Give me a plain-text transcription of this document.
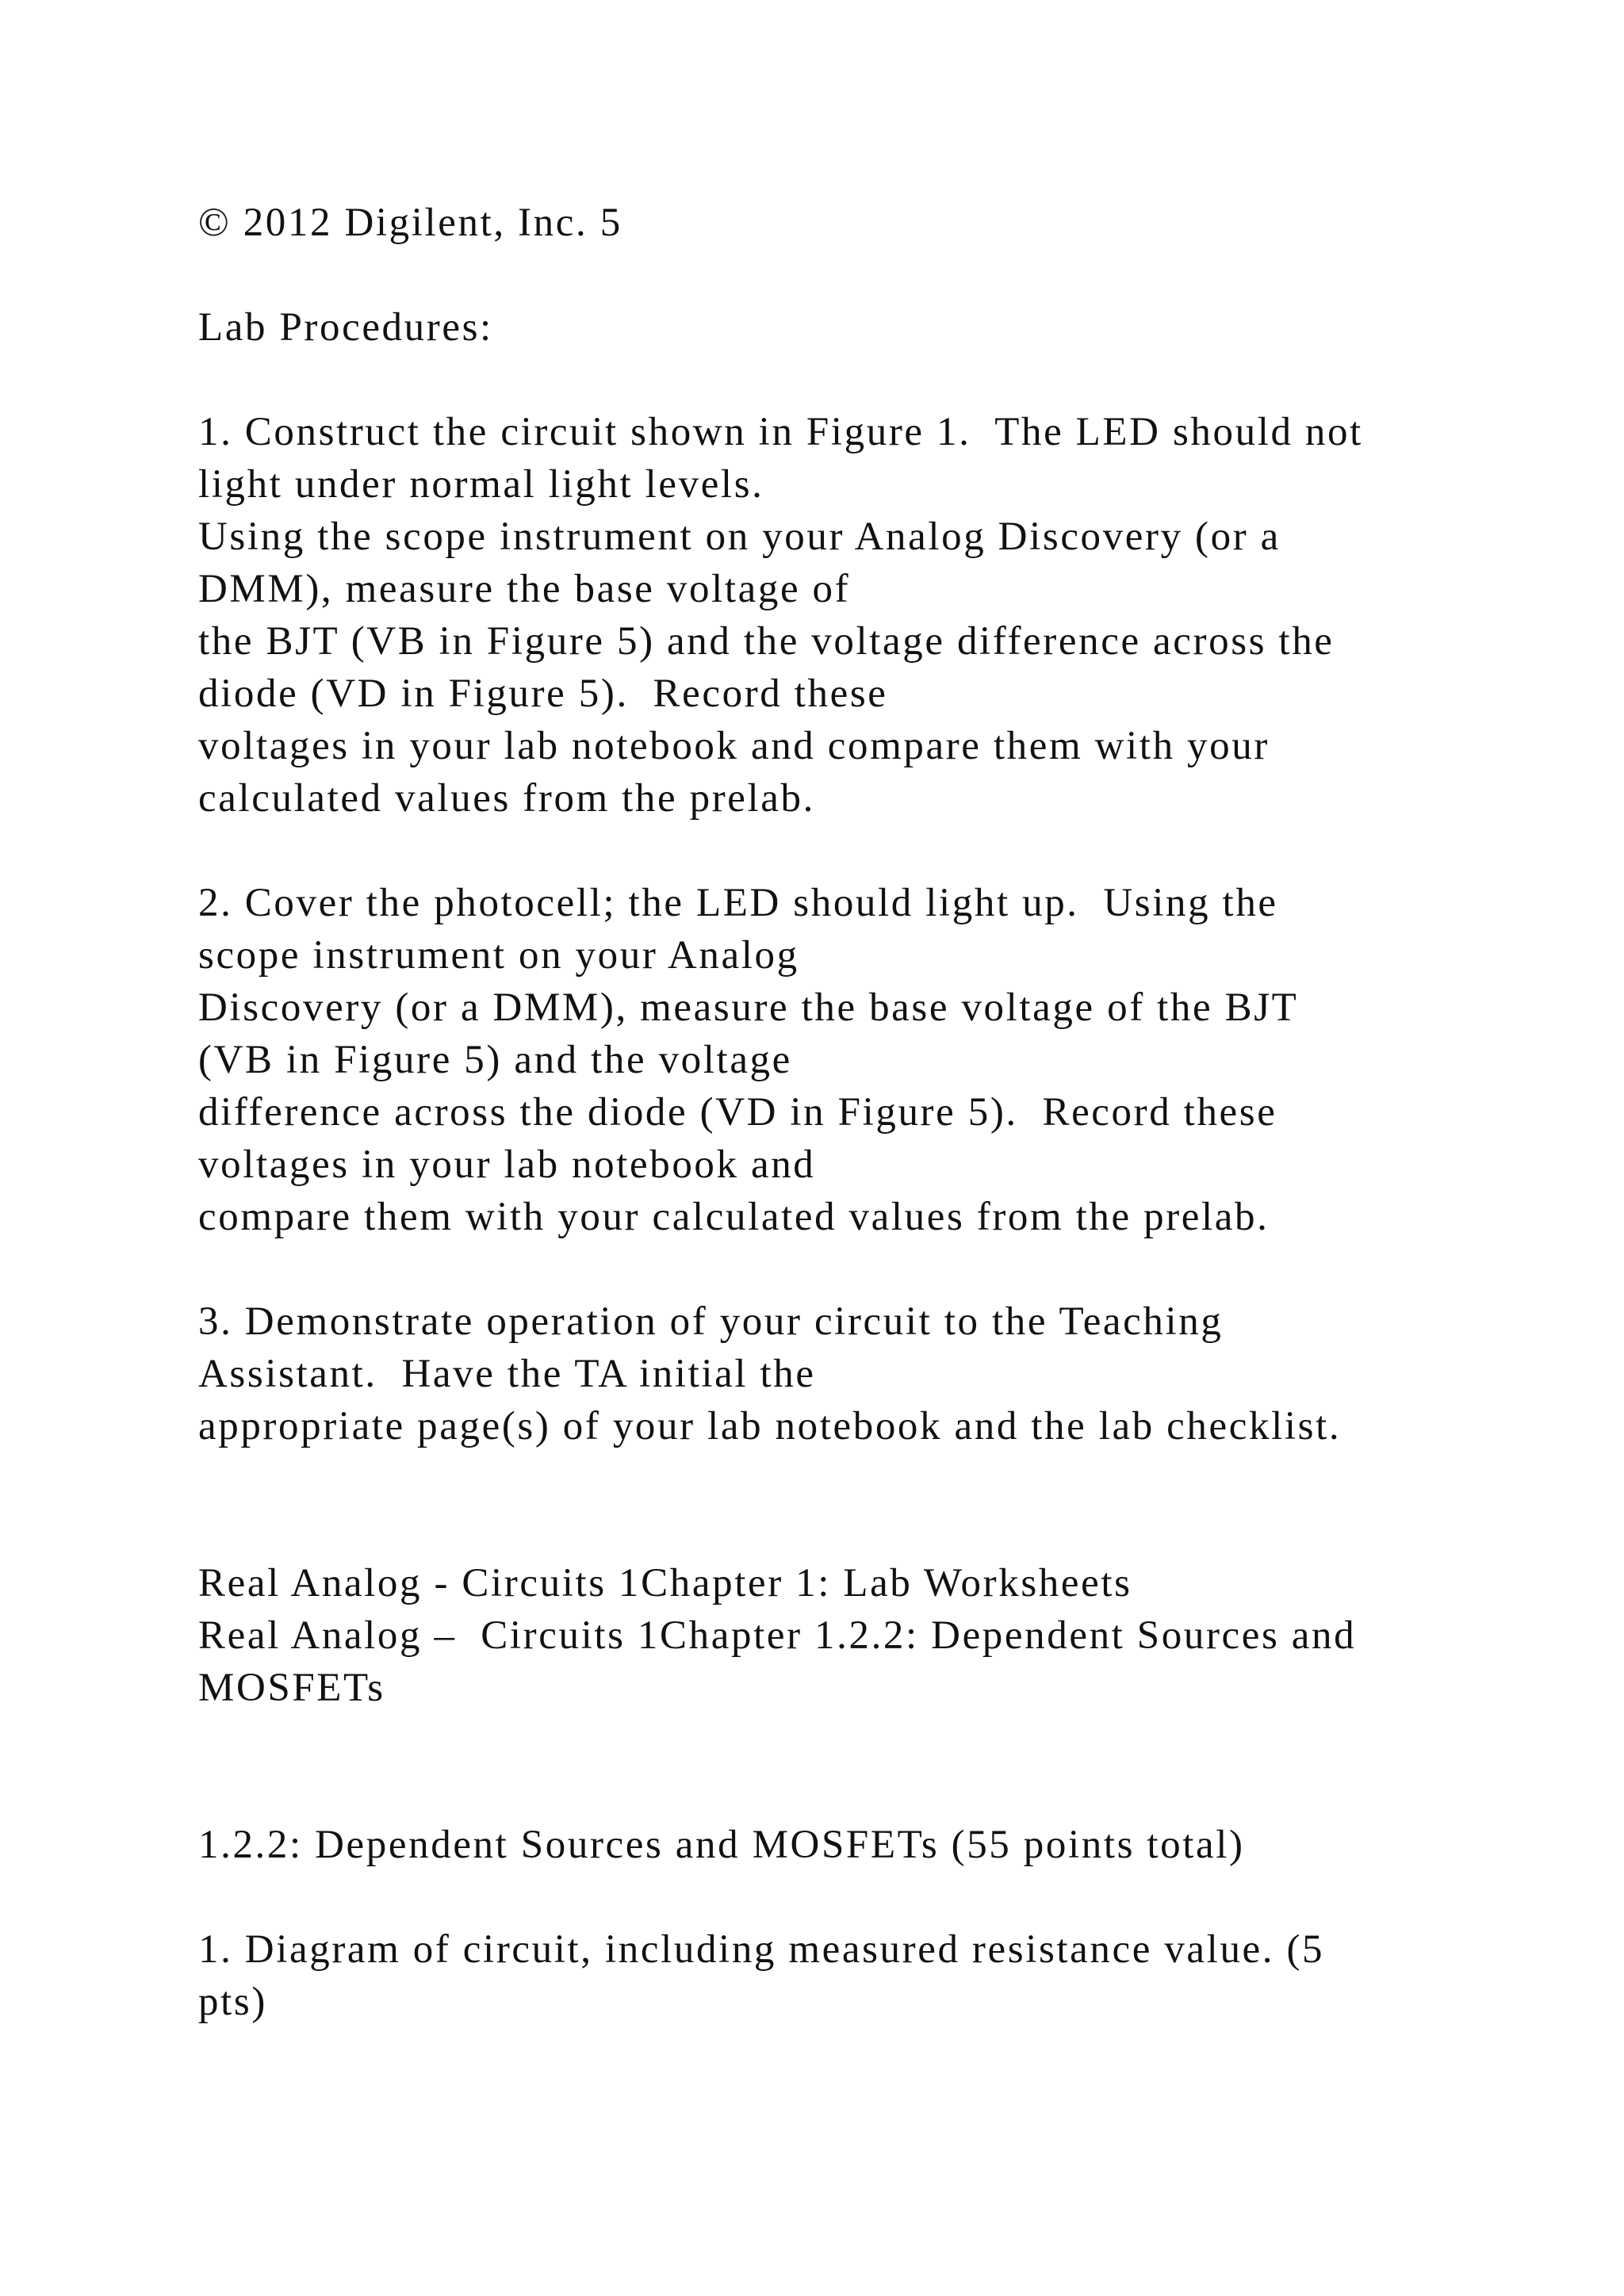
© 2012 Digilent, Inc. 5
Lab Procedures:
1. Construct the circuit shown in Figure 1.  The LED should not
light under normal light levels.
Using the scope instrument on your Analog Discovery (or a
DMM), measure the base voltage of
the BJT (VB in Figure 5) and the voltage difference across the
diode (VD in Figure 5).  Record these
voltages in your lab notebook and compare them with your
calculated values from the prelab.
2. Cover the photocell; the LED should light up.  Using the
scope instrument on your Analog
Discovery (or a DMM), measure the base voltage of the BJT
(VB in Figure 5) and the voltage
difference across the diode (VD in Figure 5).  Record these
voltages in your lab notebook and
compare them with your calculated values from the prelab.
3. Demonstrate operation of your circuit to the Teaching
Assistant.  Have the TA initial the
appropriate page(s) of your lab notebook and the lab checklist.
Real Analog - Circuits 1Chapter 1: Lab Worksheets
Real Analog –  Circuits 1Chapter 1.2.2: Dependent Sources and
MOSFETs
1.2.2: Dependent Sources and MOSFETs (55 points total)
1. Diagram of circuit, including measured resistance value. (5
pts)
